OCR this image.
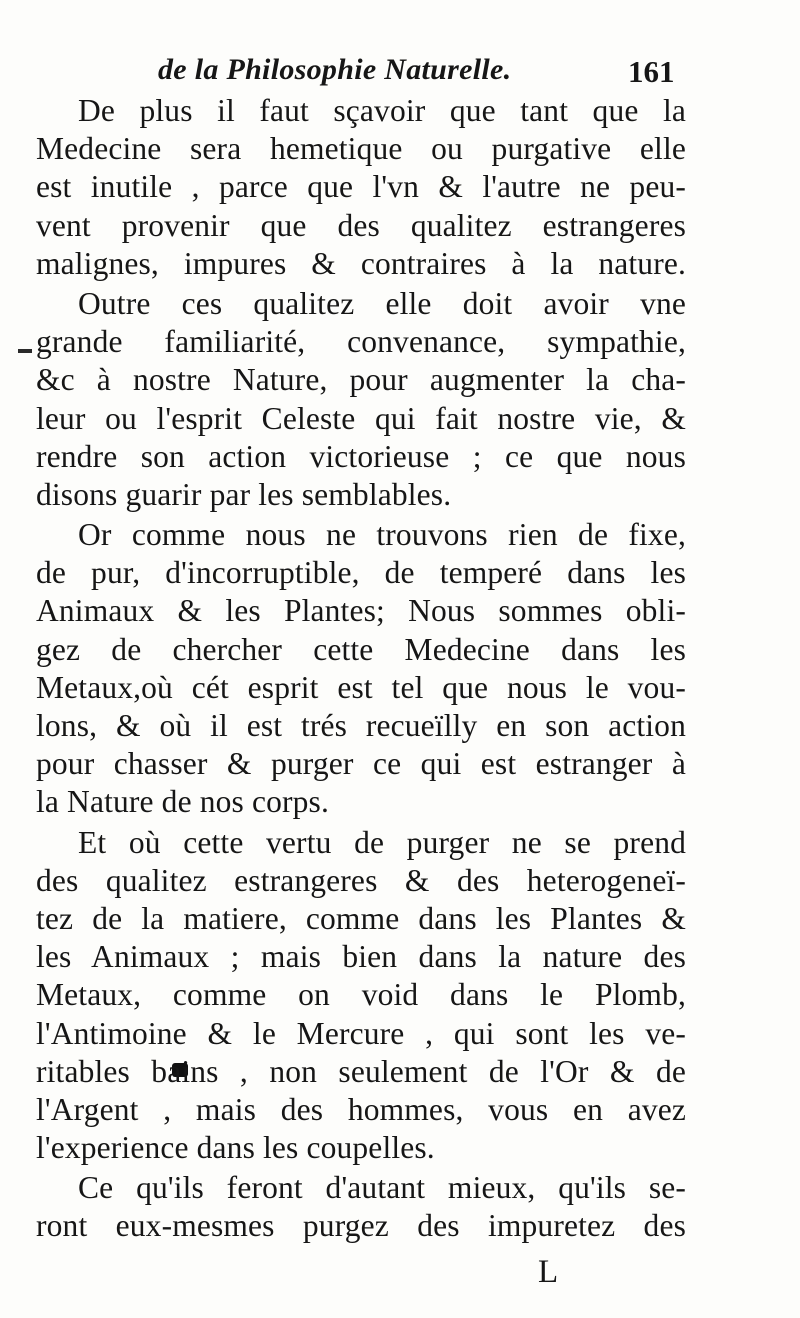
de la Philosophie Naturelle.	161

De plus il faut sçavoir que tant que la
Medecine sera hemetique ou purgative elle
est inutile , parce que l'vn & l'autre ne peu-
vent provenir que des qualitez estrangeres
malignes, impures & contraires à la nature.

Outre ces qualitez elle doit avoir vne
grande familiarité, convenance, sympathie,
&c à nostre Nature, pour augmenter la cha-
leur ou l'esprit Celeste qui fait nostre vie, &
rendre son action victorieuse ; ce que nous
disons guarir par les semblables.

Or comme nous ne trouvons rien de fixe,
de pur, d'incorruptible, de temperé dans les
Animaux & les Plantes; Nous sommes obli-
gez de chercher cette Medecine dans les
Metaux,où cét esprit est tel que nous le vou-
lons, & où il est trés recueïlly en son action
pour chasser & purger ce qui est estranger à
la Nature de nos corps.

Et où cette vertu de purger ne se prend
des qualitez estrangeres & des heterogeneï-
tez de la matiere, comme dans les Plantes &
les Animaux ; mais bien dans la nature des
Metaux, comme on void dans le Plomb,
l'Antimoine & le Mercure , qui sont les ve-
ritables bains , non seulement de l'Or & de
l'Argent , mais des hommes, vous en avez
l'experience dans les coupelles.

Ce qu'ils feront d'autant mieux, qu'ils se-
ront eux-mesmes purgez des impuretez des

L
